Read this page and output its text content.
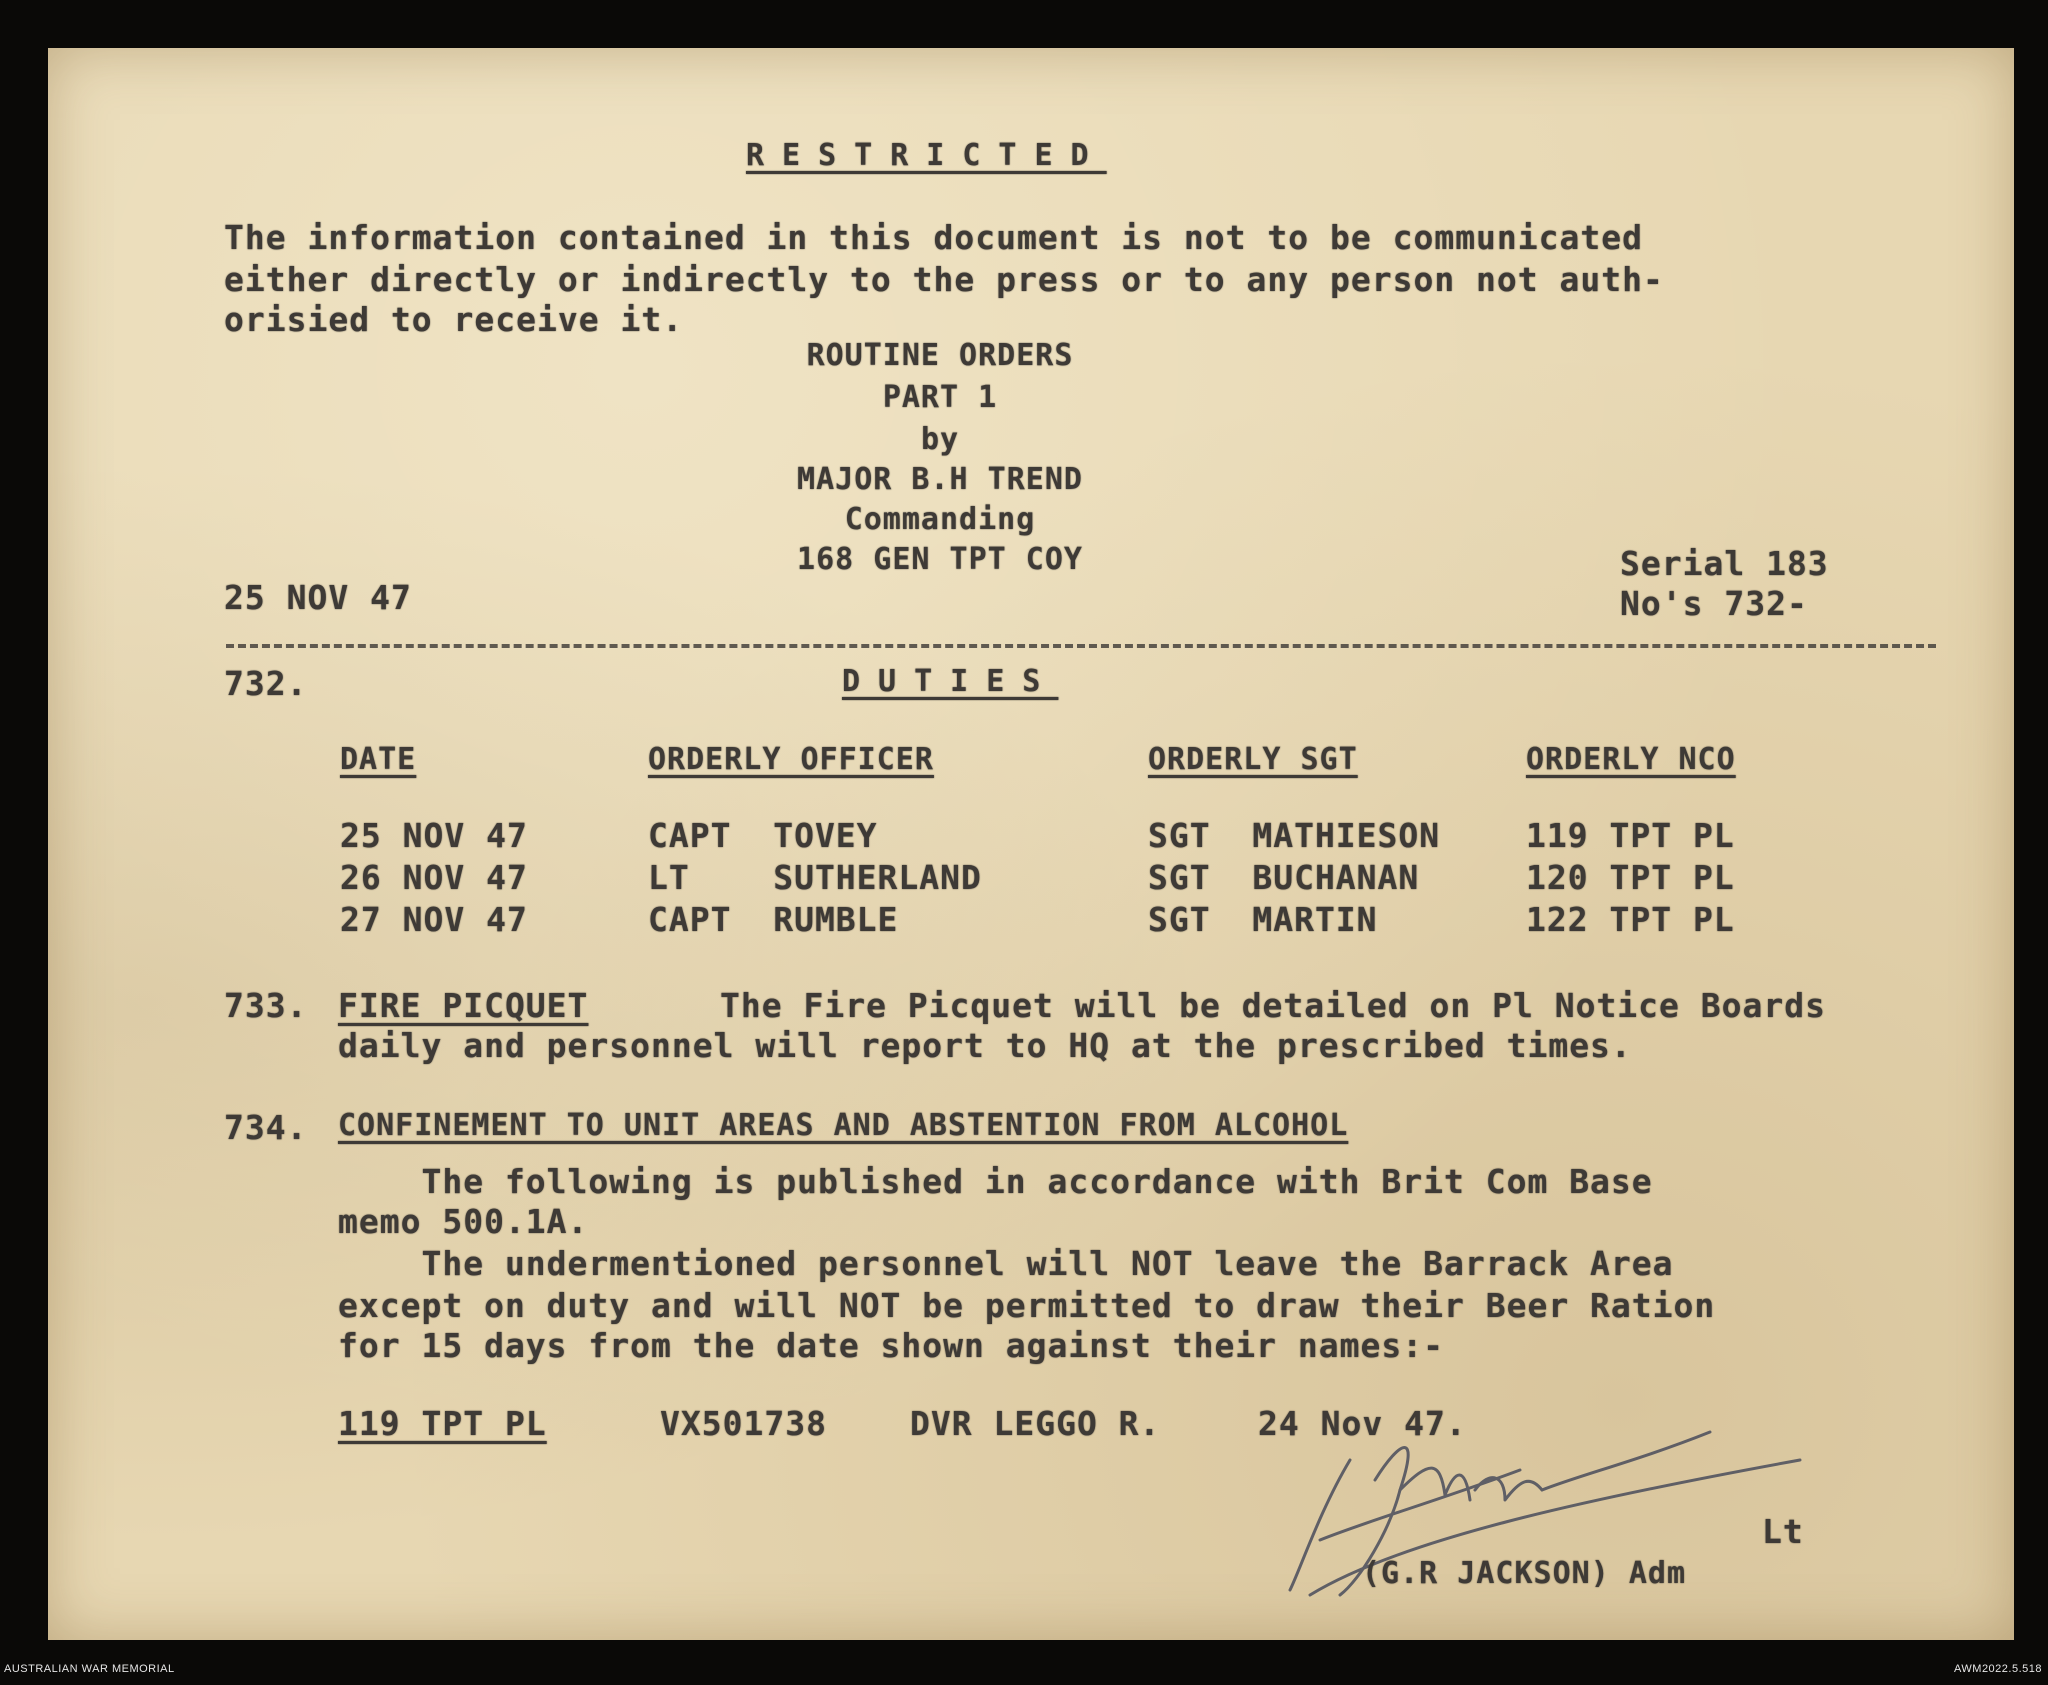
RESTRICTED
The information contained in this document is not to be communicated
either directly or indirectly to the press or to any person not auth-
orisied to receive it.
ROUTINE ORDERS
PART 1
by
MAJOR B.H TREND
Commanding
168 GEN TPT COY
25 NOV 47
Serial 183
No's 732-
732.	DUTIES
DATE	ORDERLY OFFICER	ORDERLY SGT	ORDERLY NCO
25 NOV 47	CAPT  TOVEY	SGT  MATHIESON	119 TPT PL
26 NOV 47	LT    SUTHERLAND	SGT  BUCHANAN	120 TPT PL
27 NOV 47	CAPT  RUMBLE	SGT  MARTIN	122 TPT PL
733. FIRE PICQUET	The Fire Picquet will be detailed on Pl Notice Boards
daily and personnel will report to HQ at the prescribed times.
734. CONFINEMENT TO UNIT AREAS AND ABSTENTION FROM ALCOHOL
The following is published in accordance with Brit Com Base
memo 500.1A.
The undermentioned personnel will NOT leave the Barrack Area
except on duty and will NOT be permitted to draw their Beer Ration
for 15 days from the date shown against their names:-
119 TPT PL	VX501738	DVR LEGGO R.	24 Nov 47.
Lt
(G.R JACKSON) Adm
AUSTRALIAN WAR MEMORIAL	AWM2022.5.518
